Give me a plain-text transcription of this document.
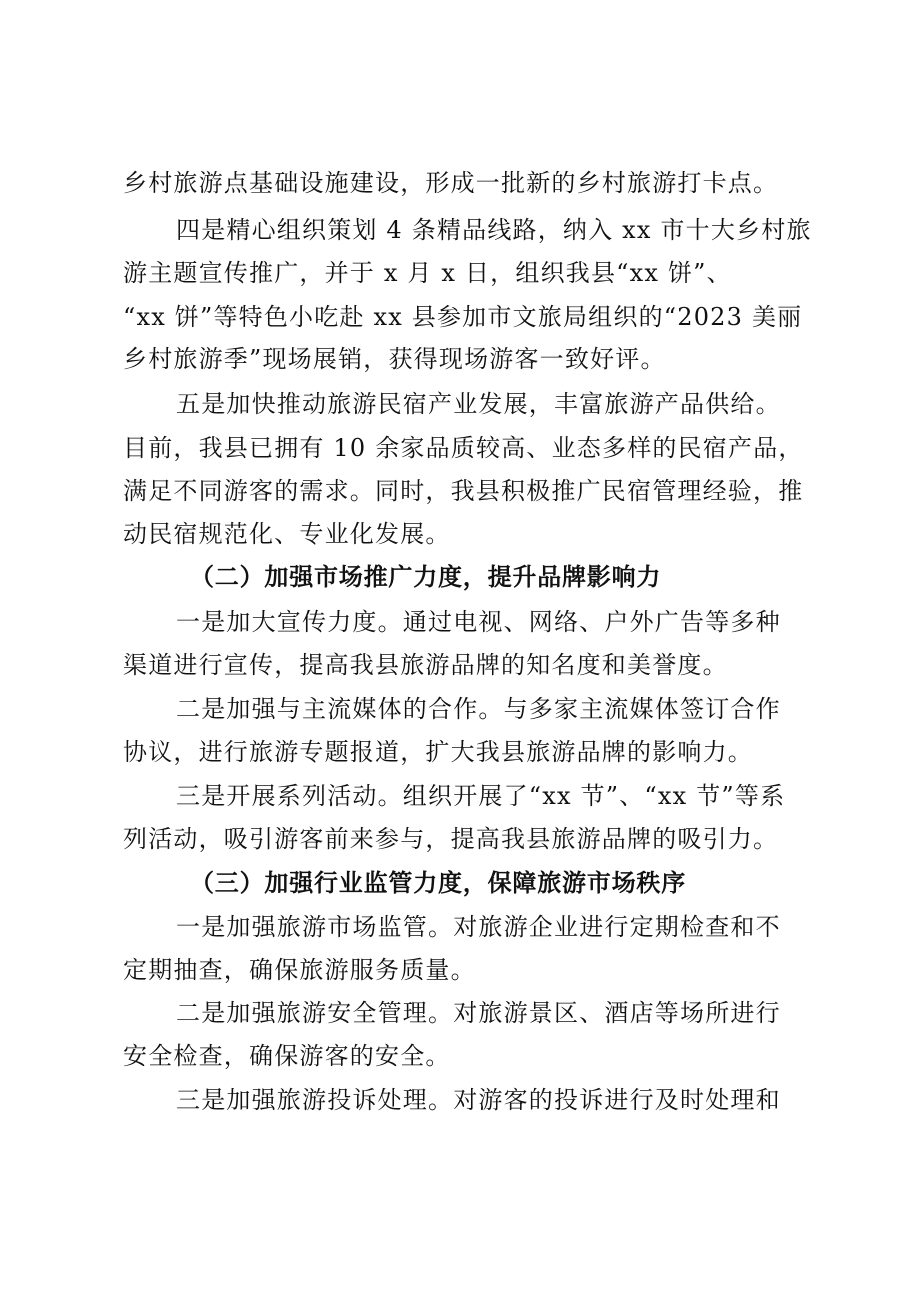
乡村旅游点基础设施建设，形成一批新的乡村旅游打卡点。
四是精心组织策划 4 条精品线路，纳入 xx 市十大乡村旅
游主题宣传推广，并于 x 月 x 日，组织我县“xx 饼”、
“xx 饼”等特色小吃赴 xx 县参加市文旅局组织的“2023 美丽
乡村旅游季”现场展销，获得现场游客一致好评。
五是加快推动旅游民宿产业发展，丰富旅游产品供给。
目前，我县已拥有 10 余家品质较高、业态多样的民宿产品，
满足不同游客的需求。同时，我县积极推广民宿管理经验，推
动民宿规范化、专业化发展。
（二）加强市场推广力度，提升品牌影响力
一是加大宣传力度。通过电视、网络、户外广告等多种
渠道进行宣传，提高我县旅游品牌的知名度和美誉度。
二是加强与主流媒体的合作。与多家主流媒体签订合作
协议，进行旅游专题报道，扩大我县旅游品牌的影响力。
三是开展系列活动。组织开展了“xx 节”、“xx 节”等系
列活动，吸引游客前来参与，提高我县旅游品牌的吸引力。
（三）加强行业监管力度，保障旅游市场秩序
一是加强旅游市场监管。对旅游企业进行定期检查和不
定期抽查，确保旅游服务质量。
二是加强旅游安全管理。对旅游景区、酒店等场所进行
安全检查，确保游客的安全。
三是加强旅游投诉处理。对游客的投诉进行及时处理和
